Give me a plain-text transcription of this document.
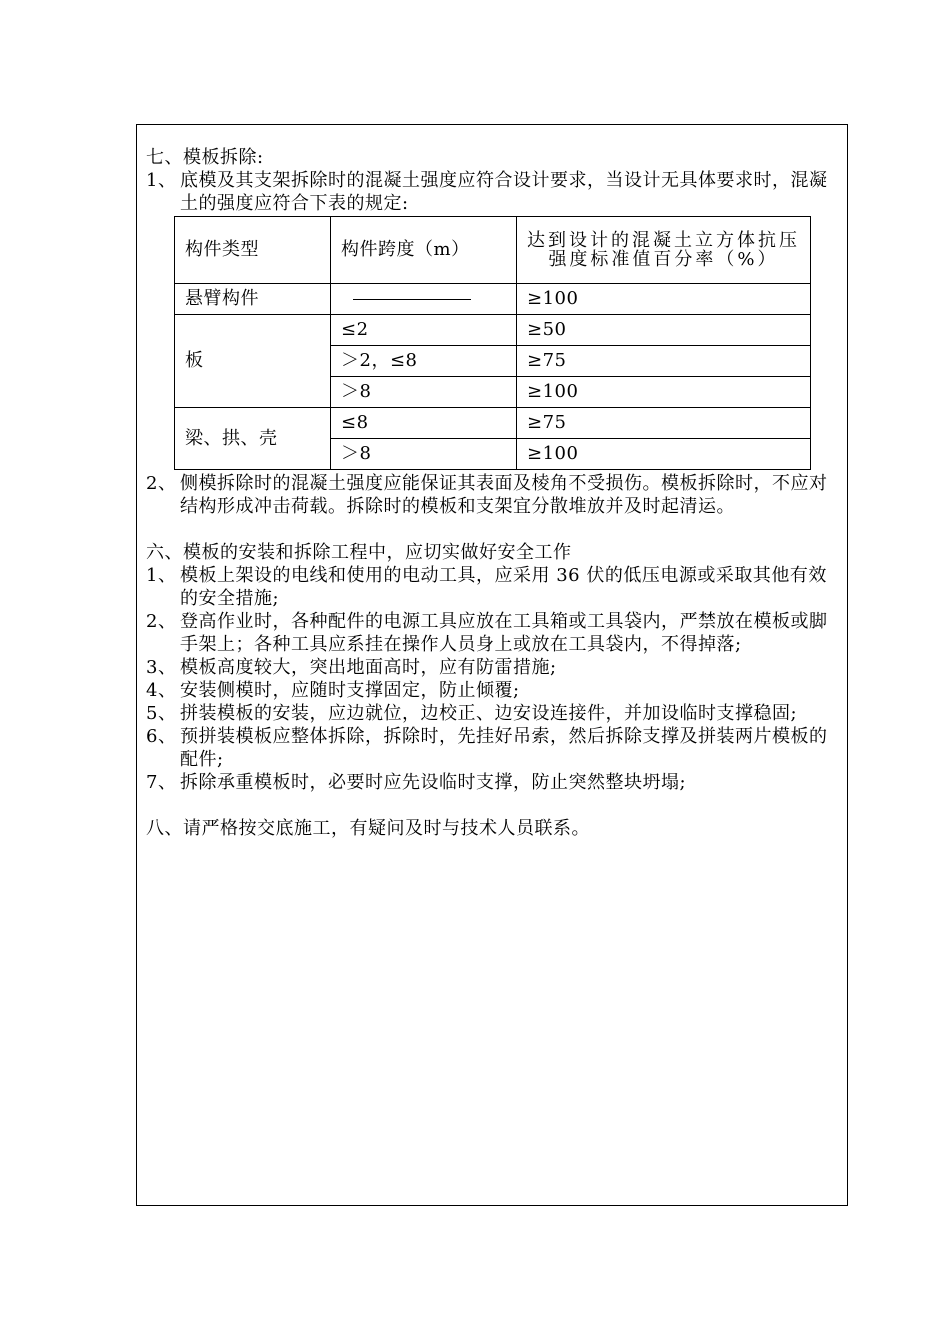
七、模板拆除:

1、 底模及其支架拆除时的混凝土强度应符合设计要求，当设计无具体要求时，混凝土的强度应符合下表的规定:
构件类型	构件跨度（m）	达到设计的混凝土立方体抗压强度标准值百分率（%）
悬臂构件		≥100
板	≤2	≥50
	＞2，≤8	≥75
	＞8	≥100
梁、拱、壳	≤8	≥75
	＞8	≥100
2、 侧模拆除时的混凝土强度应能保证其表面及棱角不受损伤。模板拆除时，不应对结构形成冲击荷载。拆除时的模板和支架宜分散堆放并及时起清运。

六、模板的安装和拆除工程中，应切实做好安全工作

1、 模板上架设的电线和使用的电动工具，应采用 36 伏的低压电源或采取其他有效的安全措施;
2、 登高作业时，各种配件的电源工具应放在工具箱或工具袋内，严禁放在模板或脚手架上；各种工具应系挂在操作人员身上或放在工具袋内，不得掉落;
3、 模板高度较大，突出地面高时，应有防雷措施;
4、 安装侧模时，应随时支撑固定，防止倾覆;
5、 拼装模板的安装，应边就位，边校正、边安设连接件，并加设临时支撑稳固;
6、 预拼装模板应整体拆除，拆除时，先挂好吊索，然后拆除支撑及拼装两片模板的配件;
7、 拆除承重模板时，必要时应先设临时支撑，防止突然整块坍塌;

八、请严格按交底施工，有疑问及时与技术人员联系。
